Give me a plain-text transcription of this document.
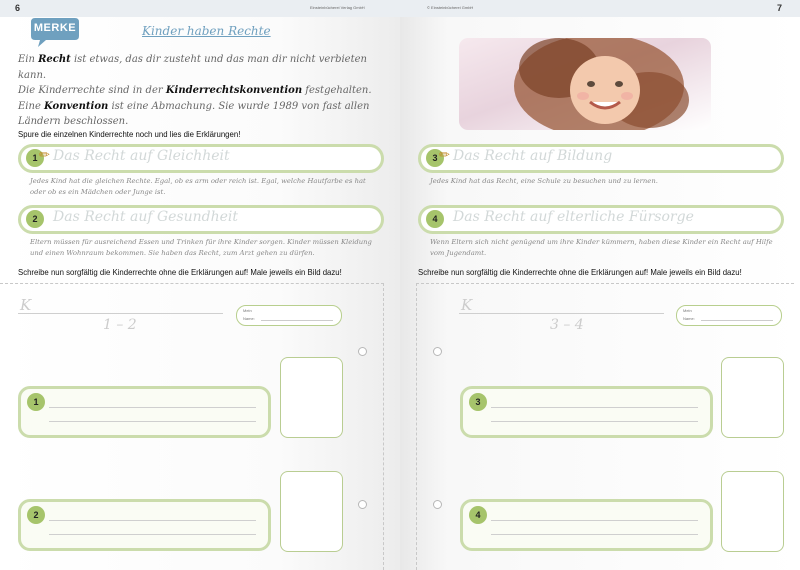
6	Einsteinbücherei Verlag GmbH
MERKE	Kinder haben Rechte
Ein Recht ist etwas, das dir zusteht und das man dir nicht verbieten kann.
Die Kinderrechte sind in der Kinderrechtskonvention festgehalten.
Eine Konvention ist eine Abmachung. Sie wurde 1989 von fast allen
Ländern beschlossen.
Spure die einzelnen Kinderrechte noch und lies die Erklärungen!
1 ✏ Das Recht auf Gleichheit
Jedes Kind hat die gleichen Rechte. Egal, ob es arm oder reich ist. Egal, welche Hautfarbe es hat oder ob es ein Mädchen oder Junge ist.
2	Das Recht auf Gesundheit
Eltern müssen für ausreichend Essen und Trinken für ihre Kinder sorgen. Kinder müssen Kleidung und einen Wohnraum bekommen. Sie haben das Recht, zum Arzt gehen zu dürfen.
Schreibe nun sorgfältig die Kinderrechte ohne die Erklärungen auf! Male jeweils ein Bild dazu!
K
1 – 2
Mein
Name:
1
2
© Einsteinbücherei GmbH	7
3 ✏ Das Recht auf Bildung
Jedes Kind hat das Recht, eine Schule zu besuchen und zu lernen.
4	Das Recht auf elterliche Fürsorge
Wenn Eltern sich nicht genügend um ihre Kinder kümmern, haben diese Kinder ein Recht auf Hilfe vom Jugendamt.
Schreibe nun sorgfältig die Kinderrechte ohne die Erklärungen auf! Male jeweils ein Bild dazu!
K
3 – 4
Mein
Name:
3
4
